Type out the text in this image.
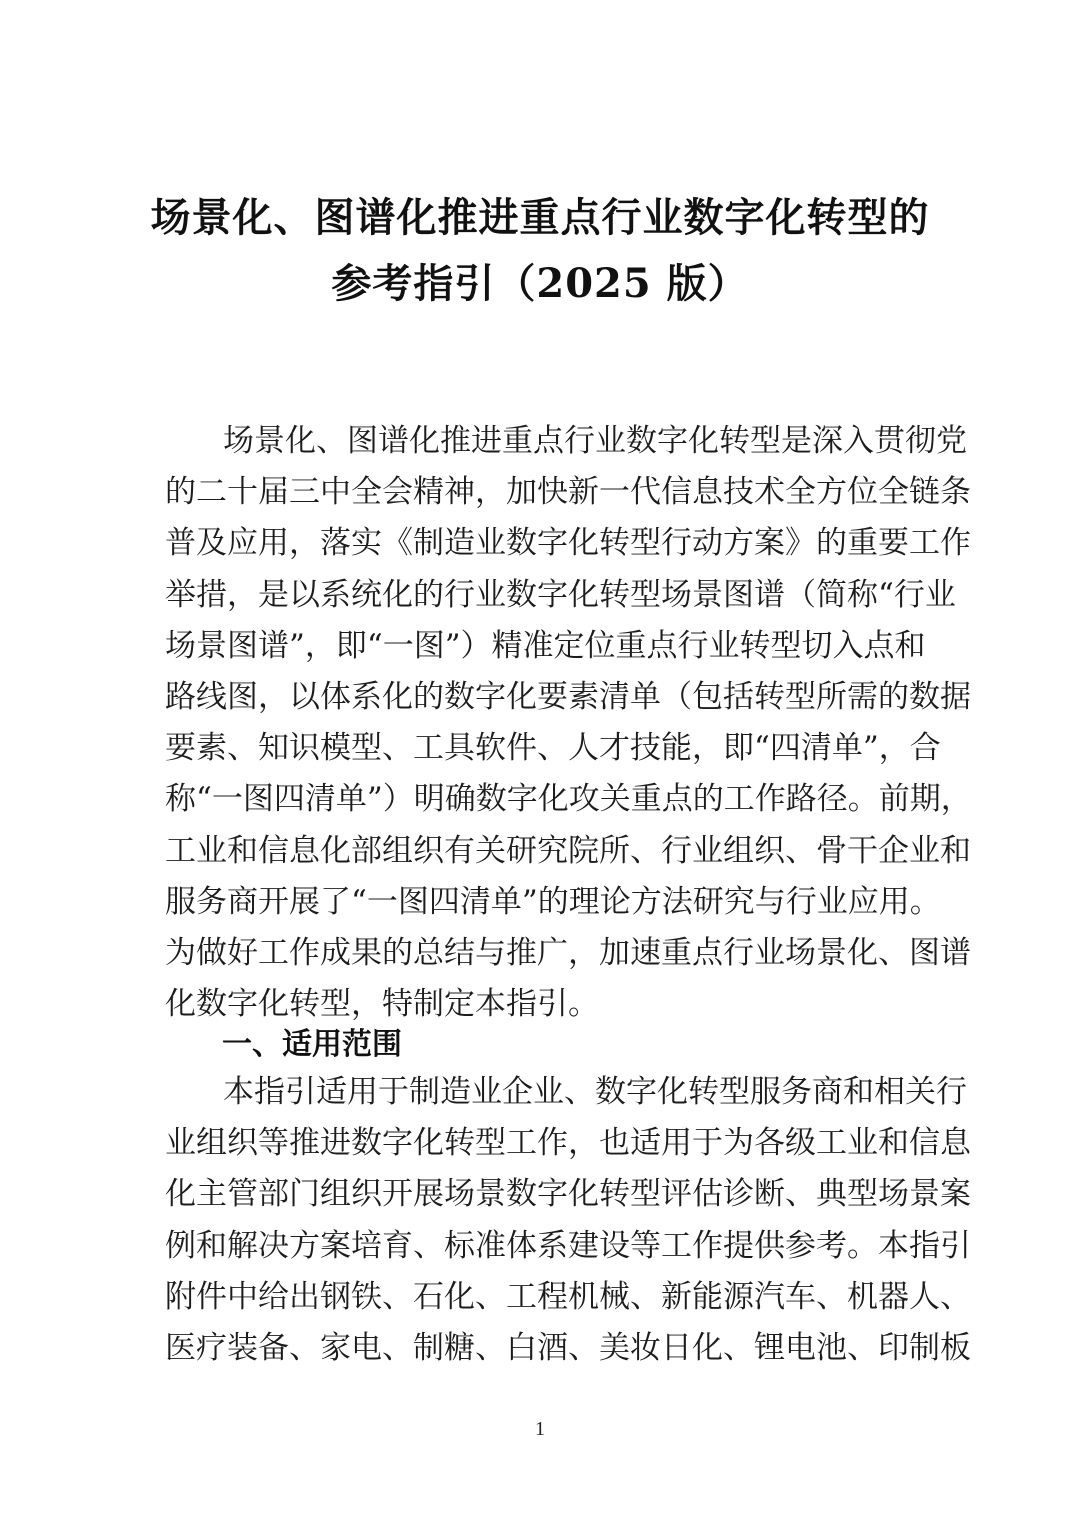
场景化、图谱化推进重点行业数字化转型的
参考指引（2025 版）
场景化、图谱化推进重点行业数字化转型是深入贯彻党
的二十届三中全会精神，加快新一代信息技术全方位全链条
普及应用，落实《制造业数字化转型行动方案》的重要工作
举措，是以系统化的行业数字化转型场景图谱（简称“行业
场景图谱”，即“一图”）精准定位重点行业转型切入点和
路线图，以体系化的数字化要素清单（包括转型所需的数据
要素、知识模型、工具软件、人才技能，即“四清单”，合
称“一图四清单”）明确数字化攻关重点的工作路径。前期，
工业和信息化部组织有关研究院所、行业组织、骨干企业和
服务商开展了“一图四清单”的理论方法研究与行业应用。
为做好工作成果的总结与推广，加速重点行业场景化、图谱
化数字化转型，特制定本指引。
一、适用范围
本指引适用于制造业企业、数字化转型服务商和相关行
业组织等推进数字化转型工作，也适用于为各级工业和信息
化主管部门组织开展场景数字化转型评估诊断、典型场景案
例和解决方案培育、标准体系建设等工作提供参考。本指引
附件中给出钢铁、石化、工程机械、新能源汽车、机器人、
医疗装备、家电、制糖、白酒、美妆日化、锂电池、印制板
1
